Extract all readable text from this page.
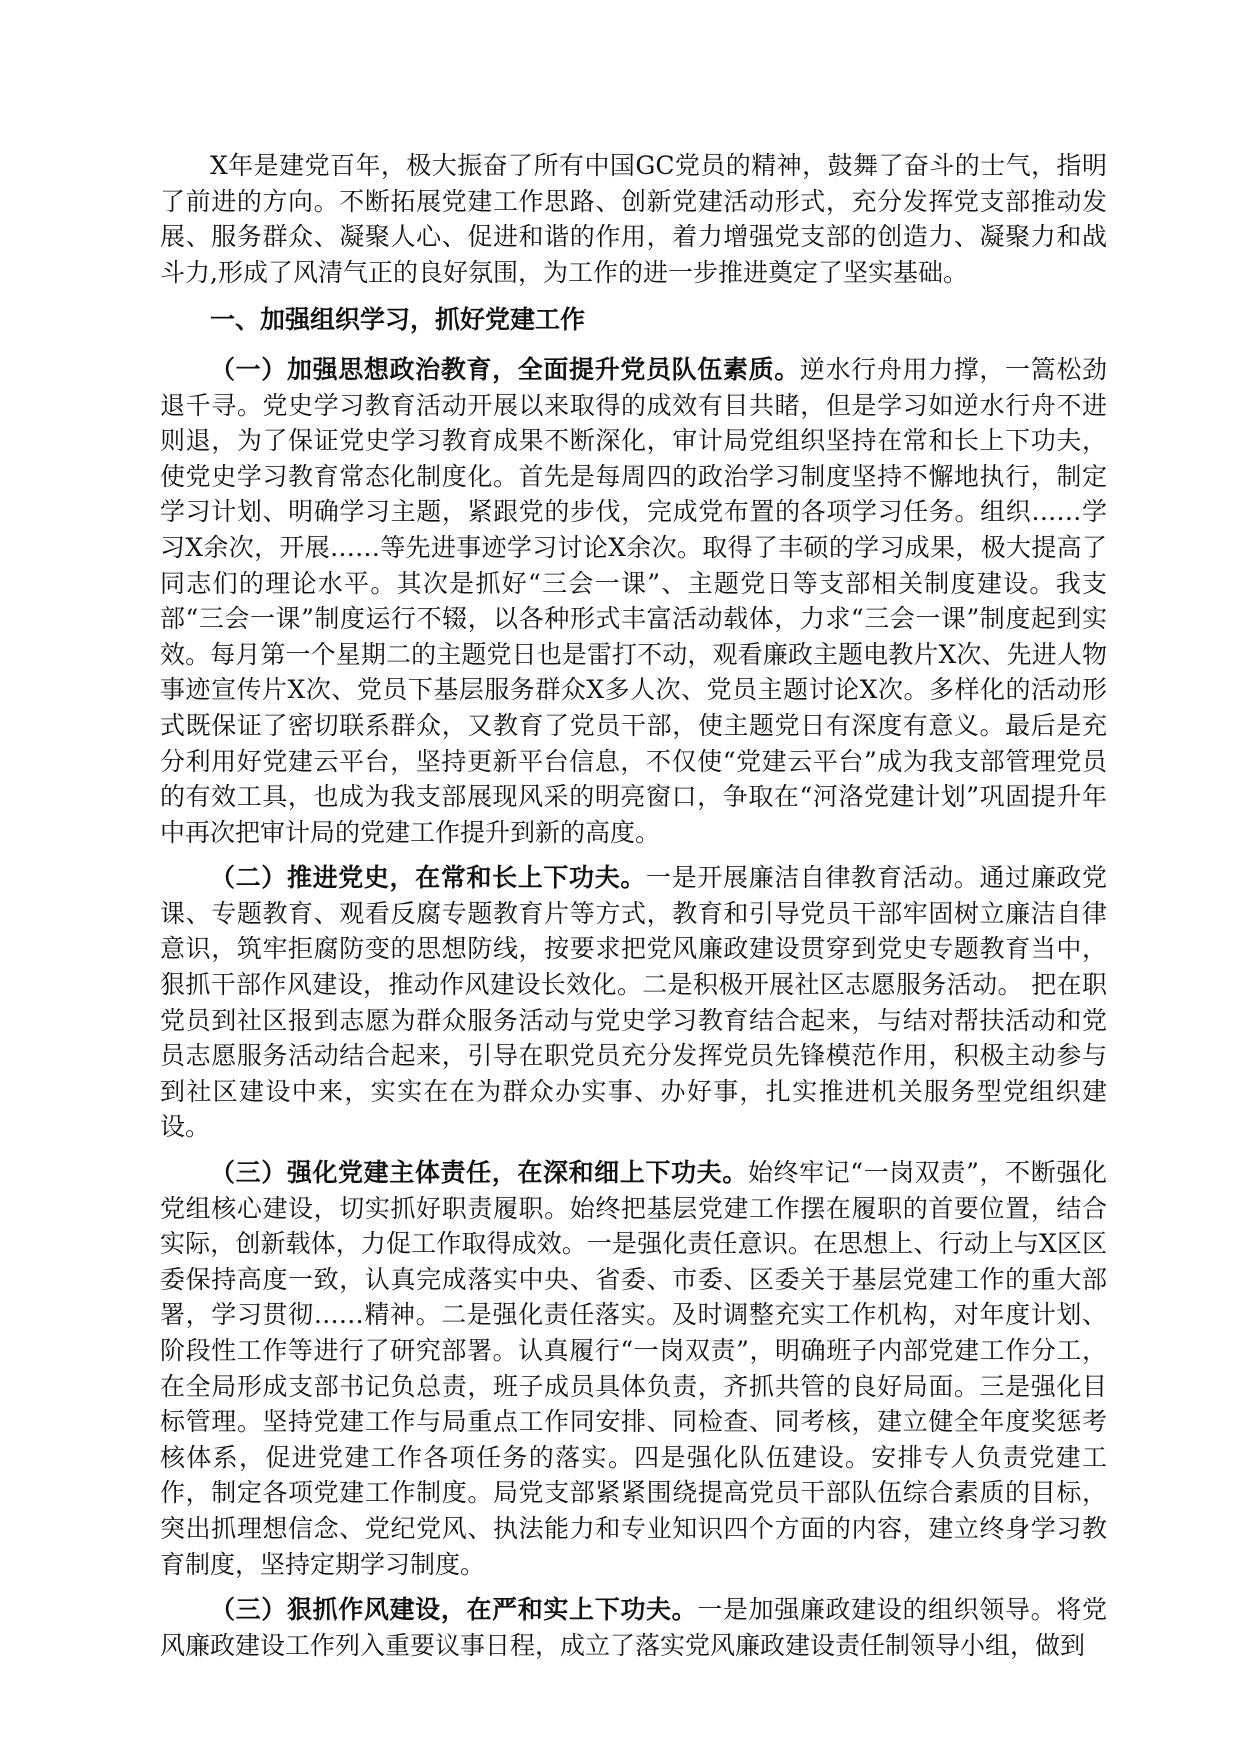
X年是建党百年，极大振奋了所有中国GC党员的精神，鼓舞了奋斗的士气，指明了前进的方向。不断拓展党建工作思路、创新党建活动形式，充分发挥党支部推动发展、服务群众、凝聚人心、促进和谐的作用，着力增强党支部的创造力、凝聚力和战斗力,形成了风清气正的良好氛围，为工作的进一步推进奠定了坚实基础。

一、加强组织学习，抓好党建工作

（一）加强思想政治教育，全面提升党员队伍素质。逆水行舟用力撑，一篙松劲退千寻。党史学习教育活动开展以来取得的成效有目共睹，但是学习如逆水行舟不进则退，为了保证党史学习教育成果不断深化，审计局党组织坚持在常和长上下功夫，使党史学习教育常态化制度化。首先是每周四的政治学习制度坚持不懈地执行，制定学习计划、明确学习主题，紧跟党的步伐，完成党布置的各项学习任务。组织……学习X余次，开展……等先进事迹学习讨论X余次。取得了丰硕的学习成果，极大提高了同志们的理论水平。其次是抓好“三会一课”、主题党日等支部相关制度建设。我支部“三会一课”制度运行不辍，以各种形式丰富活动载体，力求“三会一课”制度起到实效。每月第一个星期二的主题党日也是雷打不动，观看廉政主题电教片X次、先进人物事迹宣传片X次、党员下基层服务群众X多人次、党员主题讨论X次。多样化的活动形式既保证了密切联系群众，又教育了党员干部，使主题党日有深度有意义。最后是充分利用好党建云平台，坚持更新平台信息，不仅使“党建云平台”成为我支部管理党员的有效工具，也成为我支部展现风采的明亮窗口，争取在“河洛党建计划”巩固提升年中再次把审计局的党建工作提升到新的高度。

（二）推进党史，在常和长上下功夫。一是开展廉洁自律教育活动。通过廉政党课、专题教育、观看反腐专题教育片等方式，教育和引导党员干部牢固树立廉洁自律意识，筑牢拒腐防变的思想防线，按要求把党风廉政建设贯穿到党史专题教育当中，狠抓干部作风建设，推动作风建设长效化。二是积极开展社区志愿服务活动。 把在职党员到社区报到志愿为群众服务活动与党史学习教育结合起来，与结对帮扶活动和党员志愿服务活动结合起来，引导在职党员充分发挥党员先锋模范作用，积极主动参与到社区建设中来，实实在在为群众办实事、办好事，扎实推进机关服务型党组织建设。

（三）强化党建主体责任，在深和细上下功夫。始终牢记“一岗双责”，不断强化党组核心建设，切实抓好职责履职。始终把基层党建工作摆在履职的首要位置，结合实际，创新载体，力促工作取得成效。一是强化责任意识。在思想上、行动上与X区区委保持高度一致，认真完成落实中央、省委、市委、区委关于基层党建工作的重大部署，学习贯彻……精神。二是强化责任落实。及时调整充实工作机构，对年度计划、阶段性工作等进行了研究部署。认真履行“一岗双责”，明确班子内部党建工作分工，在全局形成支部书记负总责，班子成员具体负责，齐抓共管的良好局面。三是强化目标管理。坚持党建工作与局重点工作同安排、同检查、同考核，建立健全年度奖惩考核体系，促进党建工作各项任务的落实。四是强化队伍建设。安排专人负责党建工作，制定各项党建工作制度。局党支部紧紧围绕提高党员干部队伍综合素质的目标，突出抓理想信念、党纪党风、执法能力和专业知识四个方面的内容，建立终身学习教育制度，坚持定期学习制度。

（三）狠抓作风建设，在严和实上下功夫。一是加强廉政建设的组织领导。将党风廉政建设工作列入重要议事日程，成立了落实党风廉政建设责任制领导小组，做到
